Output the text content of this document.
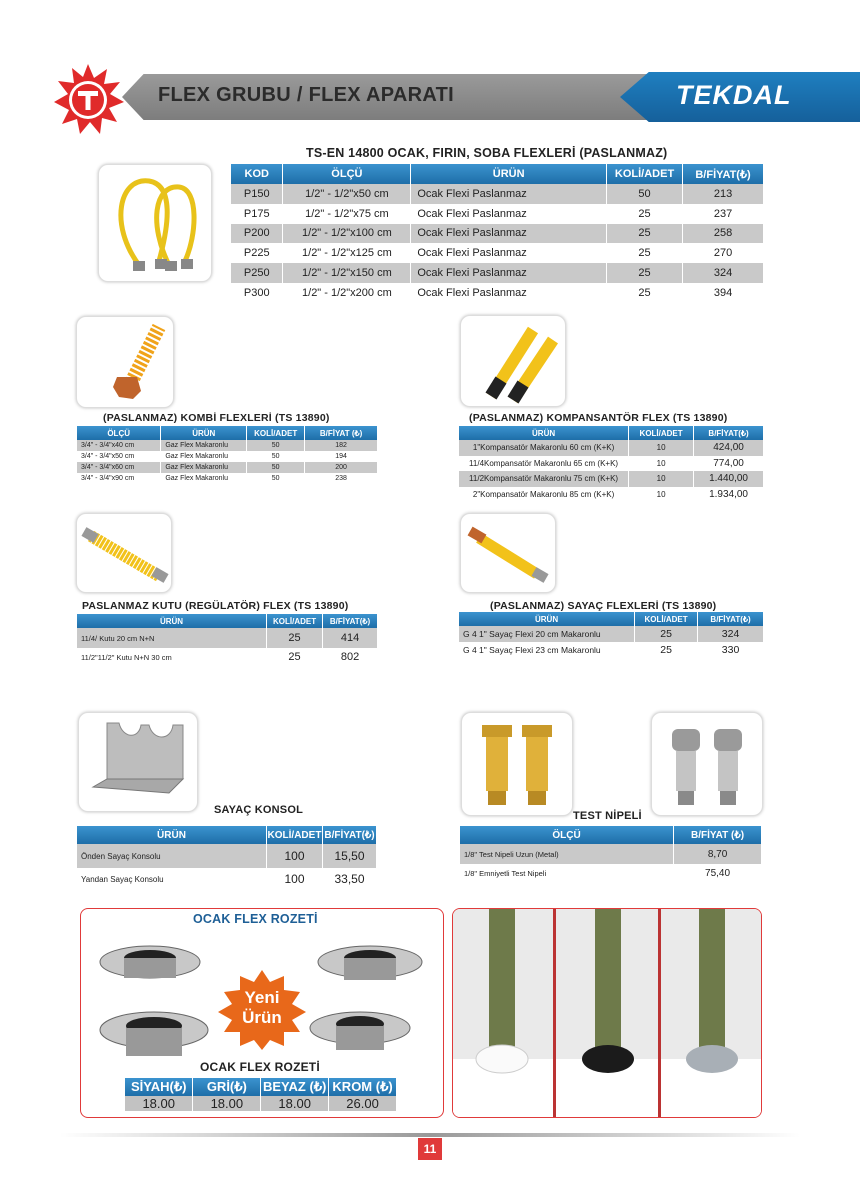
FLEX GRUBU / FLEX APARATI	TEKDAL
TS-EN 14800 OCAK, FIRIN, SOBA FLEXLERİ (PASLANMAZ)
KOD	ÖLÇÜ	ÜRÜN	KOLİ/ADET	B/FİYAT(₺)
P150	1/2" - 1/2"x50 cm	Ocak Flexi Paslanmaz	50	213
P175	1/2" - 1/2"x75 cm	Ocak Flexi Paslanmaz	25	237
P200	1/2" - 1/2"x100 cm	Ocak Flexi Paslanmaz	25	258
P225	1/2" - 1/2"x125 cm	Ocak Flexi Paslanmaz	25	270
P250	1/2" - 1/2"x150 cm	Ocak Flexi Paslanmaz	25	324
P300	1/2" - 1/2"x200 cm	Ocak Flexi Paslanmaz	25	394
(PASLANMAZ) KOMBİ FLEXLERİ (TS 13890)
ÖLÇÜ	ÜRÜN	KOLİ/ADET	B/FİYAT (₺)
3/4" - 3/4"x40 cm	Gaz Flex Makaronlu	50	182
3/4" - 3/4"x50 cm	Gaz Flex Makaronlu	50	194
3/4" - 3/4"x60 cm	Gaz Flex Makaronlu	50	200
3/4" - 3/4"x90 cm	Gaz Flex Makaronlu	50	238
(PASLANMAZ) KOMPANSANTÖR FLEX (TS 13890)
ÜRÜN	KOLİ/ADET	B/FİYAT(₺)
1"Kompansatör Makaronlu 60 cm (K+K)	10	424,00
11/4Kompansatör Makaronlu 65 cm (K+K)	10	774,00
11/2Kompansatör Makaronlu 75 cm (K+K)	10	1.440,00
2"Kompansatör Makaronlu 85 cm (K+K)	10	1.934,00
PASLANMAZ KUTU (REGÜLATÖR) FLEX (TS 13890)
ÜRÜN	KOLİ/ADET	B/FİYAT(₺)
11/4/ Kutu 20 cm N+N	25	414
11/2"11/2" Kutu N+N 30 cm	25	802
(PASLANMAZ) SAYAÇ FLEXLERİ (TS 13890)
ÜRÜN	KOLİ/ADET	B/FİYAT(₺)
G 4 1" Sayaç Flexi 20 cm Makaronlu	25	324
G 4 1" Sayaç Flexi 23 cm Makaronlu	25	330
SAYAÇ KONSOL
ÜRÜN	KOLİ/ADET	B/FİYAT(₺)
Önden Sayaç Konsolu	100	15,50
Yandan Sayaç Konsolu	100	33,50
TEST NİPELİ
ÖLÇÜ	B/FİYAT (₺)
1/8" Test Nipeli Uzun (Metal)	8,70
1/8" Emniyetli Test Nipeli	75,40
OCAK FLEX ROZETİ
Yeni
Ürün
OCAK FLEX ROZETİ
SİYAH(₺)	GRİ(₺)	BEYAZ (₺)	KROM (₺)
18.00	18.00	18.00	26.00
11
